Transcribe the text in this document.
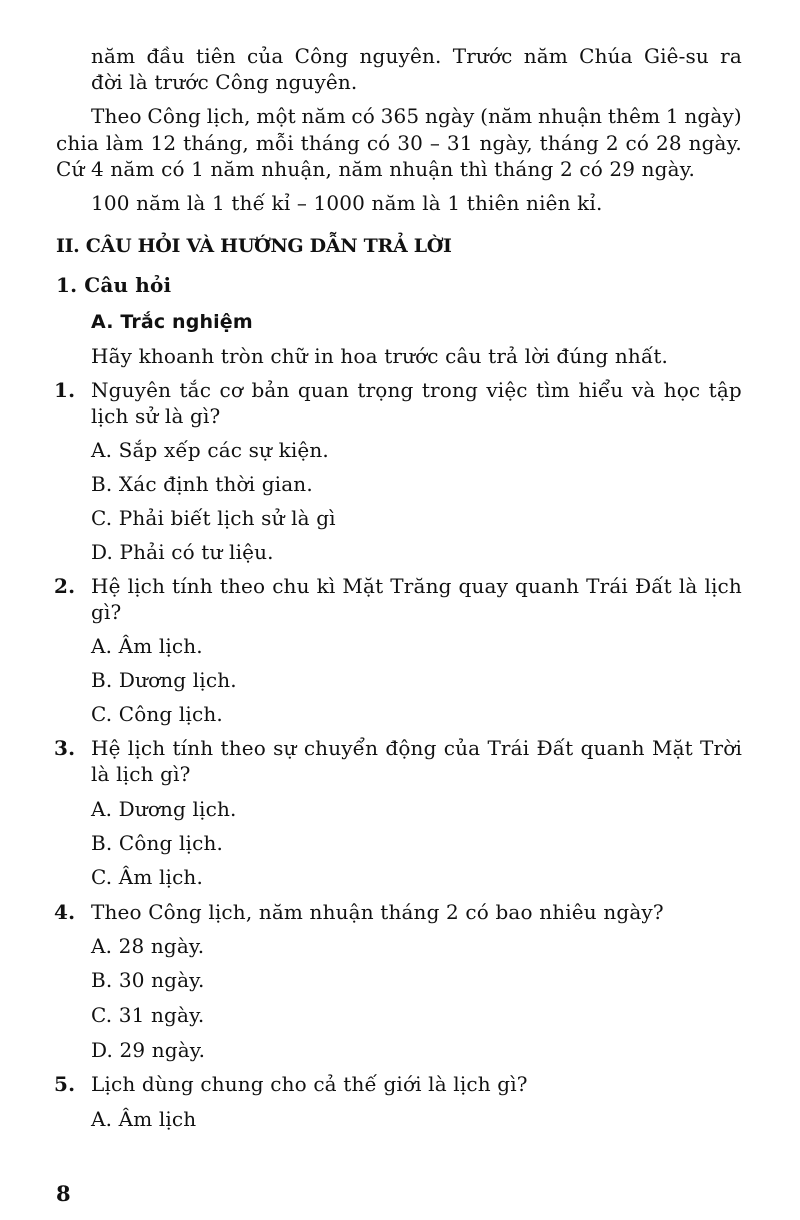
năm đầu tiên của Công nguyên. Trước năm Chúa Giê-su ra

đời là trước Công nguyên.

Theo Công lịch, một năm có 365 ngày (năm nhuận thêm 1 ngày)

chia làm 12 tháng, mỗi tháng có 30 – 31 ngày, tháng 2 có 28 ngày.

Cứ 4 năm có 1 năm nhuận, năm nhuận thì tháng 2 có 29 ngày.

100 năm là 1 thế kỉ – 1000 năm là 1 thiên niên kỉ.

II. CÂU HỎI VÀ HƯỚNG DẪN TRẢ LỜI

1. Câu hỏi

A. Trắc nghiệm

Hãy khoanh tròn chữ in hoa trước câu trả lời đúng nhất.

1. Nguyên tắc cơ bản quan trọng trong việc tìm hiểu và học tập

lịch sử là gì?

A. Sắp xếp các sự kiện.

B. Xác định thời gian.

C. Phải biết lịch sử là gì

D. Phải có tư liệu.

2. Hệ lịch tính theo chu kì Mặt Trăng quay quanh Trái Đất là lịch

gì?

A. Âm lịch.

B. Dương lịch.

C. Công lịch.

3. Hệ lịch tính theo sự chuyển động của Trái Đất quanh Mặt Trời

là lịch gì?

A. Dương lịch.

B. Công lịch.

C. Âm lịch.

4. Theo Công lịch, năm nhuận tháng 2 có bao nhiêu ngày?

A. 28 ngày.

B. 30 ngày.

C. 31 ngày.

D. 29 ngày.

5. Lịch dùng chung cho cả thế giới là lịch gì?

A. Âm lịch

8
